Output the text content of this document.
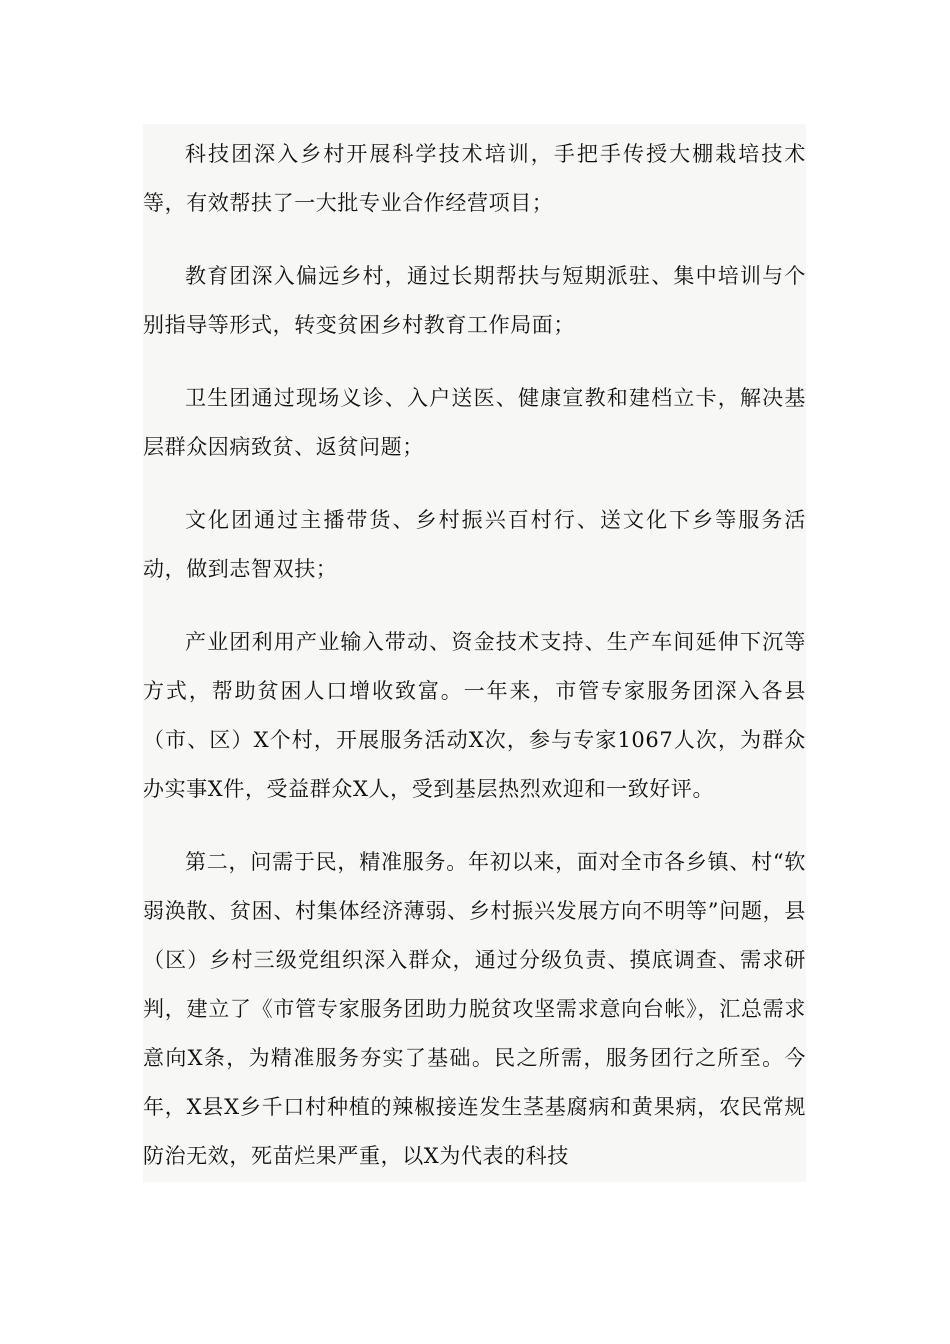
科技团深入乡村开展科学技术培训，手把手传授大棚栽培技术等，有效帮扶了一大批专业合作经营项目；

教育团深入偏远乡村，通过长期帮扶与短期派驻、集中培训与个别指导等形式，转变贫困乡村教育工作局面；

卫生团通过现场义诊、入户送医、健康宣教和建档立卡，解决基层群众因病致贫、返贫问题；

文化团通过主播带货、乡村振兴百村行、送文化下乡等服务活动，做到志智双扶；

产业团利用产业输入带动、资金技术支持、生产车间延伸下沉等方式，帮助贫困人口增收致富。一年来，市管专家服务团深入各县（市、区）X个村，开展服务活动X次，参与专家1067人次，为群众办实事X件，受益群众X人，受到基层热烈欢迎和一致好评。

第二，问需于民，精准服务。年初以来，面对全市各乡镇、村“软弱涣散、贫困、村集体经济薄弱、乡村振兴发展方向不明等”问题，县（区）乡村三级党组织深入群众，通过分级负责、摸底调查、需求研判，建立了《市管专家服务团助力脱贫攻坚需求意向台帐》，汇总需求意向X条，为精准服务夯实了基础。民之所需，服务团行之所至。今年，X县X乡千口村种植的辣椒接连发生茎基腐病和黄果病，农民常规防治无效，死苗烂果严重，以X为代表的科技
